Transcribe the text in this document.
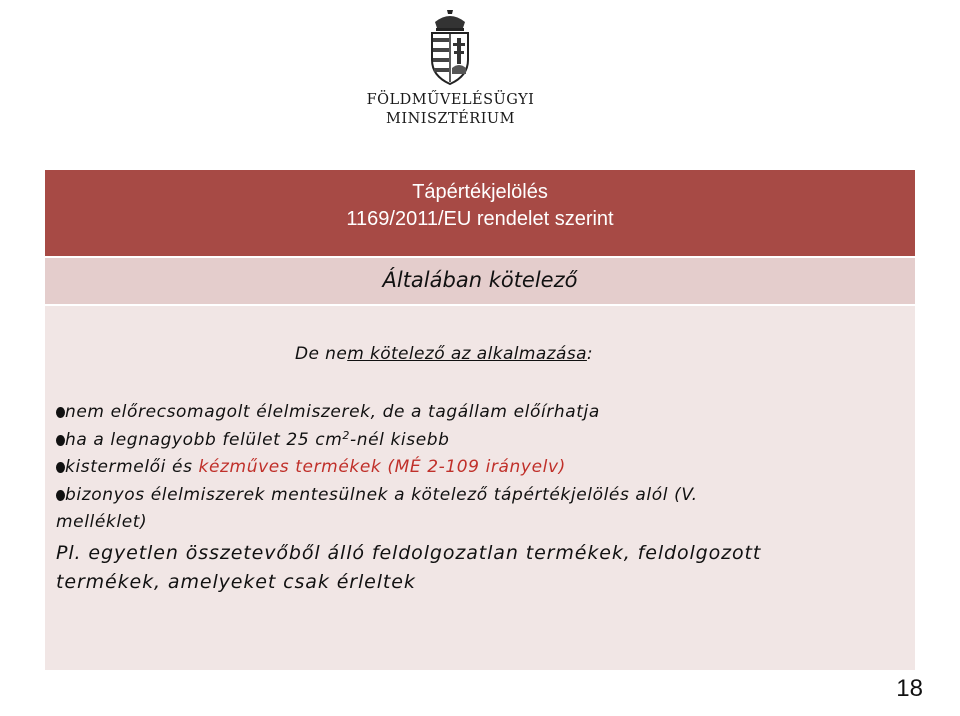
FÖLDMŰVELÉSÜGYI
MINISZTÉRIUM
Tápértékjelölés
1169/2011/EU rendelet szerint
Általában kötelező
De nem kötelező az alkalmazása:
nem előrecsomagolt élelmiszerek, de a tagállam előírhatja
ha a legnagyobb felület 25 $cm^2$-nél kisebb
kistermelői és kézműves termékek (MÉ 2-109 irányelv)
bizonyos élelmiszerek mentesülnek a kötelező tápértékjelölés alól (V.
melléklet)
Pl. egyetlen összetevőből álló feldolgozatlan termékek, feldolgozott
termékek, amelyeket csak érleltek
18
